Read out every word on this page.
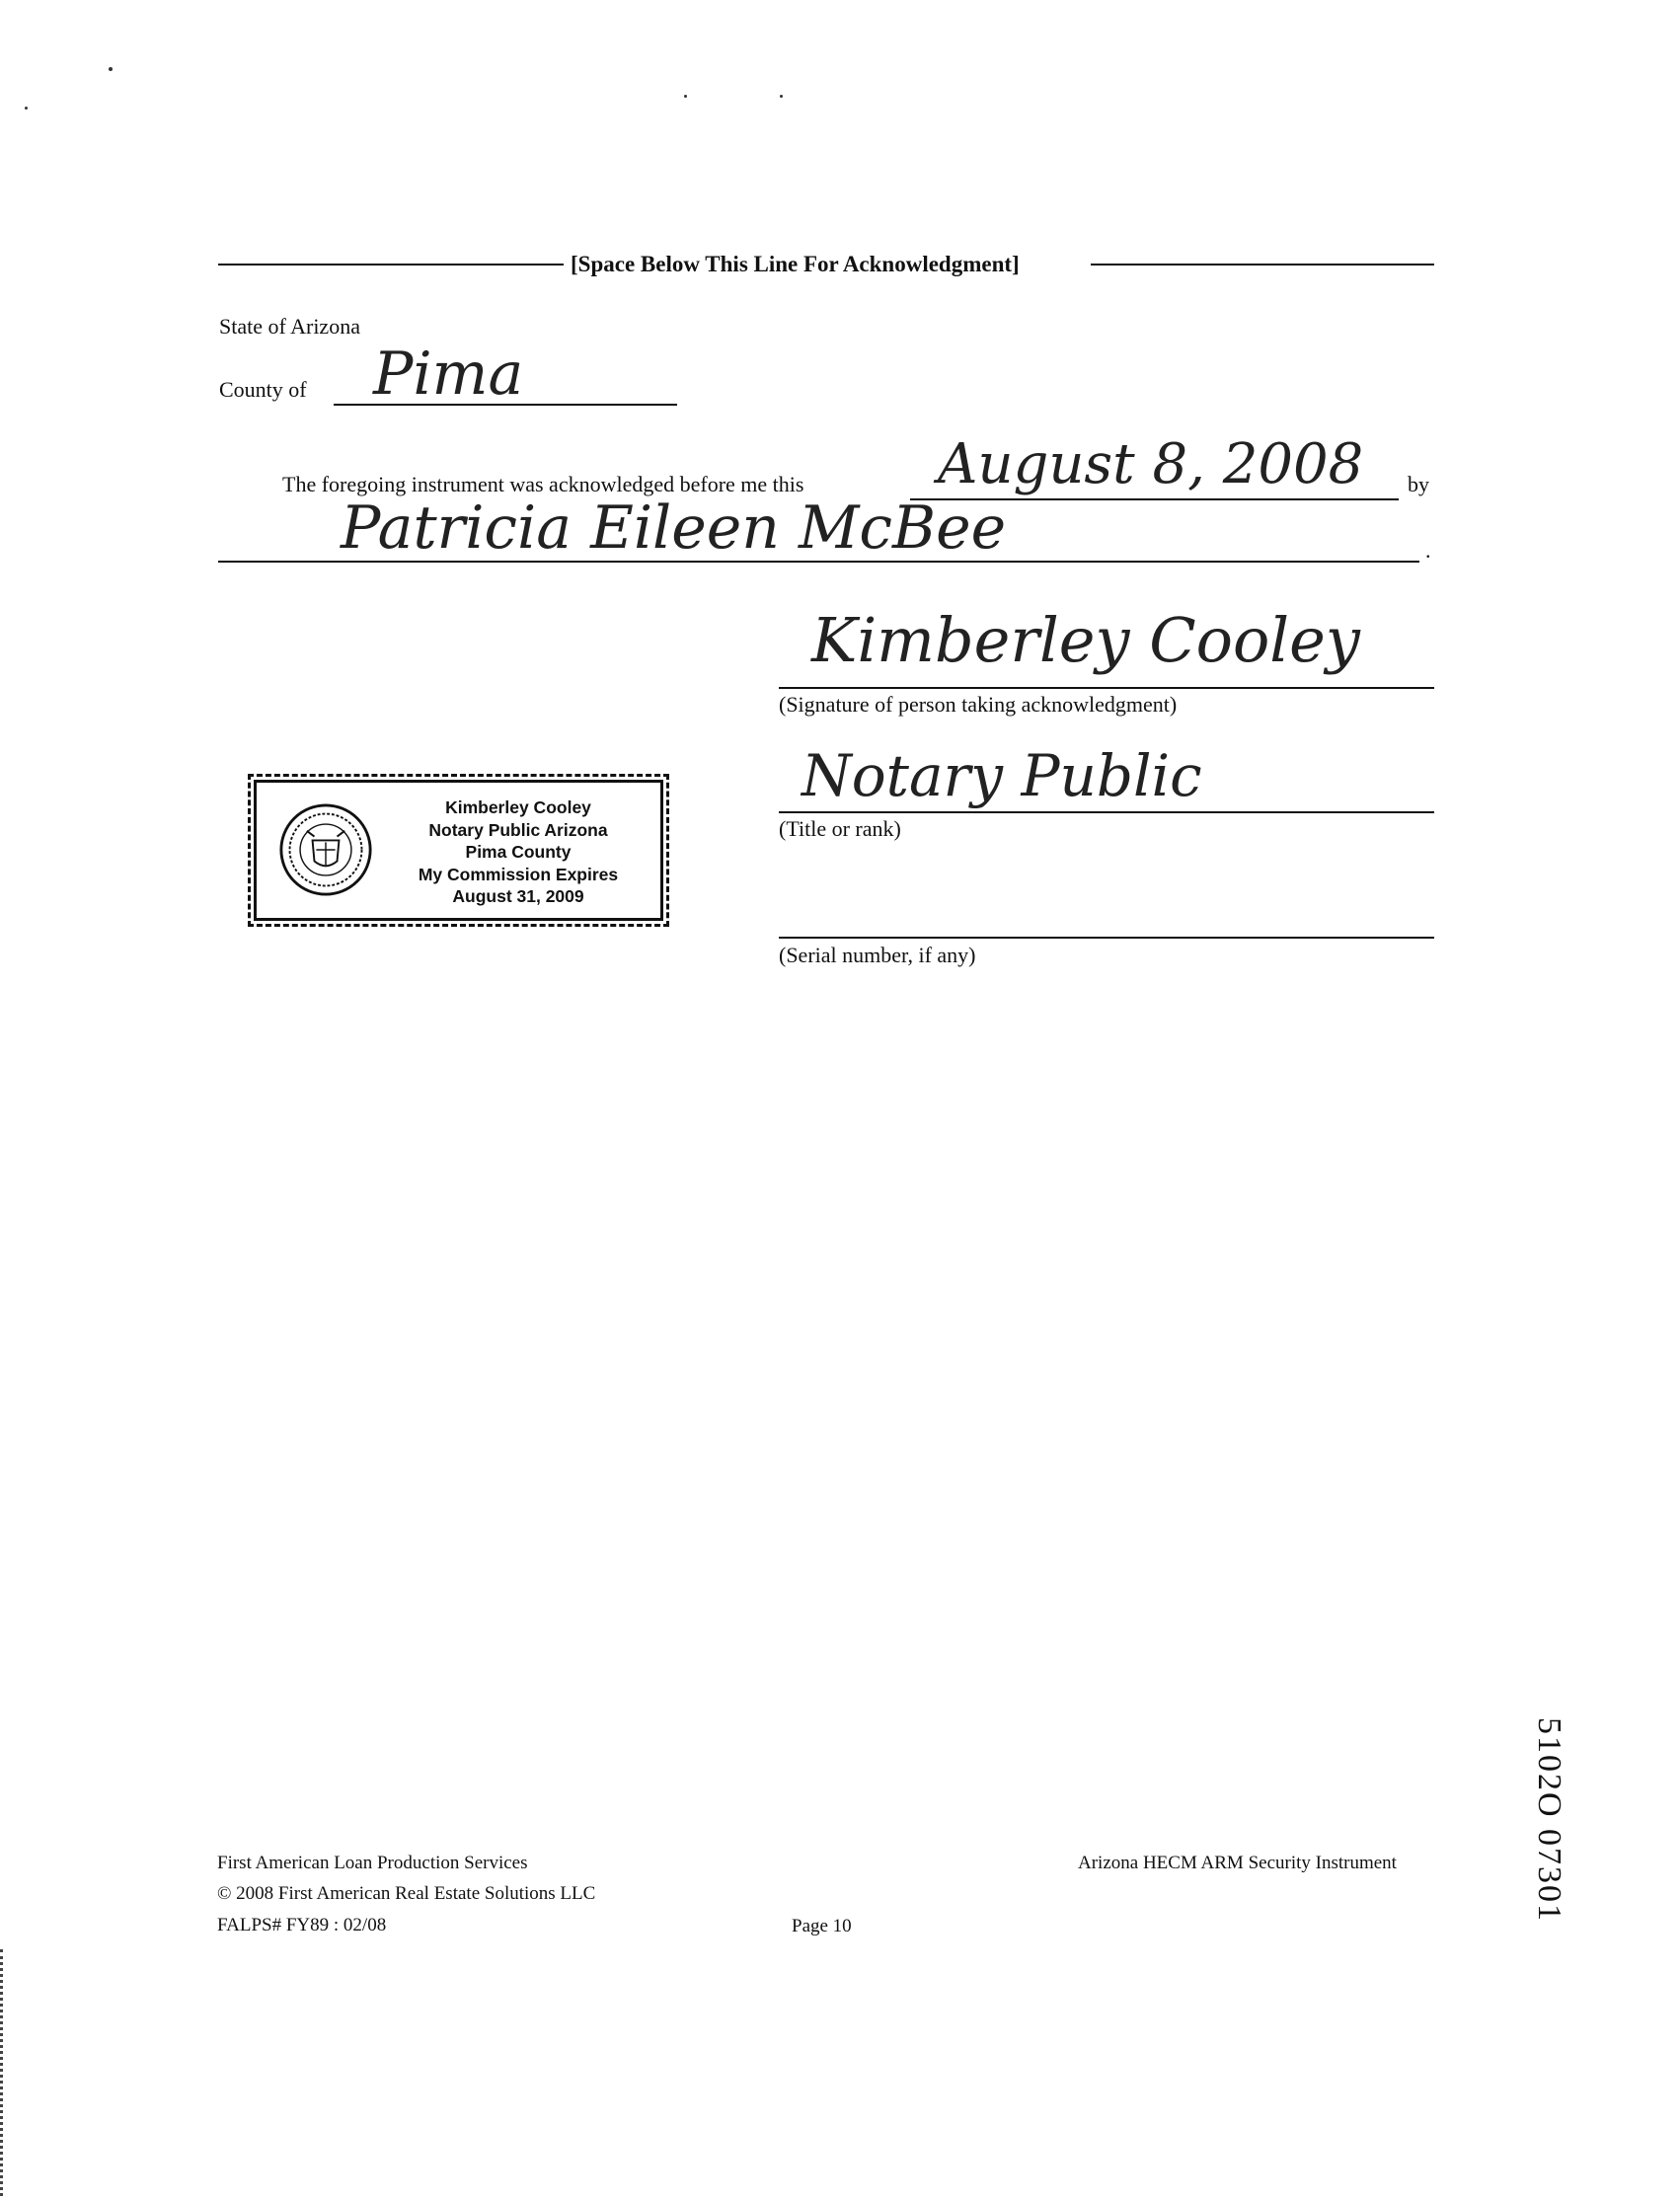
[Space Below This Line For Acknowledgment]
State of Arizona
County of Pima
The foregoing instrument was acknowledged before me this August 8, 2008 by
Patricia Eileen McBee	.
Kimberley Cooley
(Signature of person taking acknowledgment)
Notary Public
(Title or rank)
(Serial number, if any)
Kimberley Cooley
Notary Public Arizona
Pima County
My Commission Expires
August 31, 2009
5102O 07301
First American Loan Production Services
© 2008 First American Real Estate Solutions LLC
FALPS# FY89 : 02/08	Page 10
Arizona HECM ARM Security Instrument
